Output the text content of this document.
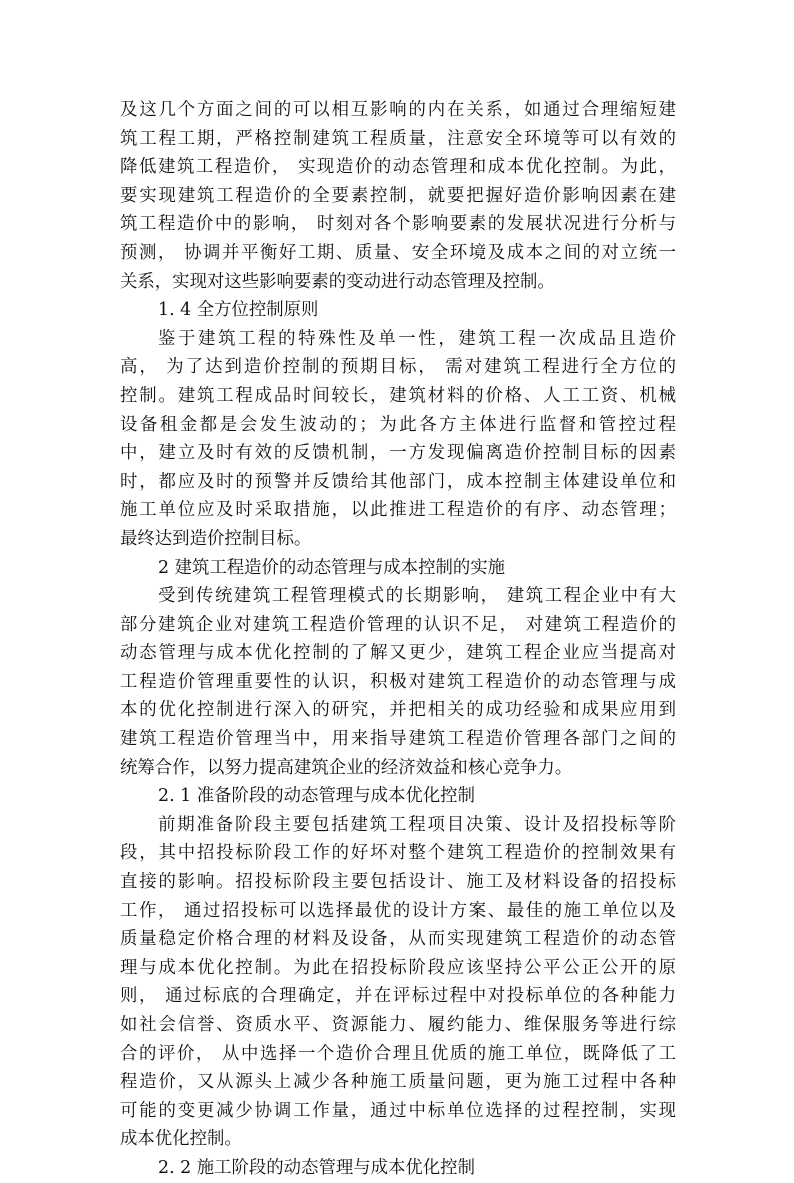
及这几个方面之间的可以相互影响的内在关系，如通过合理缩短建
筑工程工期，严格控制建筑工程质量，注意安全环境等可以有效的
降低建筑工程造价， 实现造价的动态管理和成本优化控制。为此，
要实现建筑工程造价的全要素控制，就要把握好造价影响因素在建
筑工程造价中的影响， 时刻对各个影响要素的发展状况进行分析与
预测， 协调并平衡好工期、质量、安全环境及成本之间的对立统一
关系，实现对这些影响要素的变动进行动态管理及控制。
1. 4 全方位控制原则
鉴于建筑工程的特殊性及单一性，建筑工程一次成品且造价
高， 为了达到造价控制的预期目标， 需对建筑工程进行全方位的
控制。建筑工程成品时间较长，建筑材料的价格、人工工资、机械
设备租金都是会发生波动的；为此各方主体进行监督和管控过程
中，建立及时有效的反馈机制，一方发现偏离造价控制目标的因素
时，都应及时的预警并反馈给其他部门，成本控制主体建设单位和
施工单位应及时采取措施，以此推进工程造价的有序、动态管理；
最终达到造价控制目标。
2 建筑工程造价的动态管理与成本控制的实施
受到传统建筑工程管理模式的长期影响， 建筑工程企业中有大
部分建筑企业对建筑工程造价管理的认识不足， 对建筑工程造价的
动态管理与成本优化控制的了解又更少，建筑工程企业应当提高对
工程造价管理重要性的认识，积极对建筑工程造价的动态管理与成
本的优化控制进行深入的研究，并把相关的成功经验和成果应用到
建筑工程造价管理当中，用来指导建筑工程造价管理各部门之间的
统筹合作，以努力提高建筑企业的经济效益和核心竞争力。
2. 1 准备阶段的动态管理与成本优化控制
前期准备阶段主要包括建筑工程项目决策、设计及招投标等阶
段，其中招投标阶段工作的好坏对整个建筑工程造价的控制效果有
直接的影响。招投标阶段主要包括设计、施工及材料设备的招投标
工作， 通过招投标可以选择最优的设计方案、最佳的施工单位以及
质量稳定价格合理的材料及设备，从而实现建筑工程造价的动态管
理与成本优化控制。为此在招投标阶段应该坚持公平公正公开的原
则， 通过标底的合理确定，并在评标过程中对投标单位的各种能力
如社会信誉、资质水平、资源能力、履约能力、维保服务等进行综
合的评价， 从中选择一个造价合理且优质的施工单位，既降低了工
程造价，又从源头上减少各种施工质量问题，更为施工过程中各种
可能的变更减少协调工作量，通过中标单位选择的过程控制，实现
成本优化控制。
2. 2 施工阶段的动态管理与成本优化控制
